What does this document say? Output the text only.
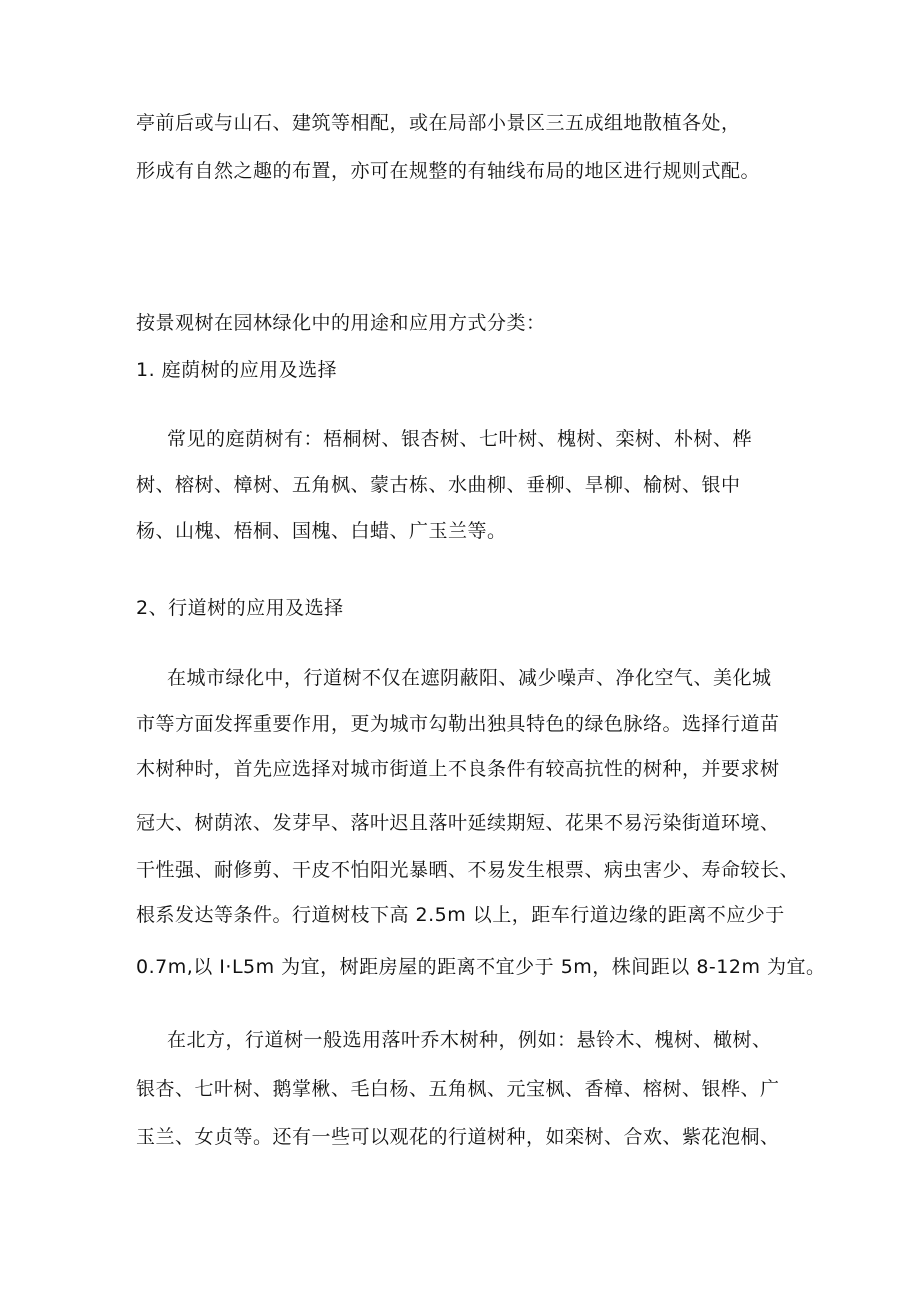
亭前后或与山石、建筑等相配，或在局部小景区三五成组地散植各处，
形成有自然之趣的布置，亦可在规整的有轴线布局的地区进行规则式配。
按景观树在园林绿化中的用途和应用方式分类：
1. 庭荫树的应用及选择
常见的庭荫树有：梧桐树、银杏树、七叶树、槐树、栾树、朴树、桦
树、榕树、樟树、五角枫、蒙古栋、水曲柳、垂柳、旱柳、榆树、银中
杨、山槐、梧桐、国槐、白蜡、广玉兰等。
2、行道树的应用及选择
在城市绿化中，行道树不仅在遮阴蔽阳、减少噪声、净化空气、美化城
市等方面发挥重要作用，更为城市勾勒出独具特色的绿色脉络。选择行道苗
木树种时，首先应选择对城市街道上不良条件有较高抗性的树种，并要求树
冠大、树荫浓、发芽早、落叶迟且落叶延续期短、花果不易污染街道环境、
干性强、耐修剪、干皮不怕阳光暴晒、不易发生根票、病虫害少、寿命较长、
根系发达等条件。行道树枝下高 2.5m 以上，距车行道边缘的距离不应少于
0.7m,以 I·L5m 为宜，树距房屋的距离不宜少于 5m，株间距以 8-12m 为宜。
在北方，行道树一般选用落叶乔木树种，例如：悬铃木、槐树、橄树、
银杏、七叶树、鹅掌楸、毛白杨、五角枫、元宝枫、香樟、榕树、银桦、广
玉兰、女贞等。还有一些可以观花的行道树种，如栾树、合欢、紫花泡桐、
